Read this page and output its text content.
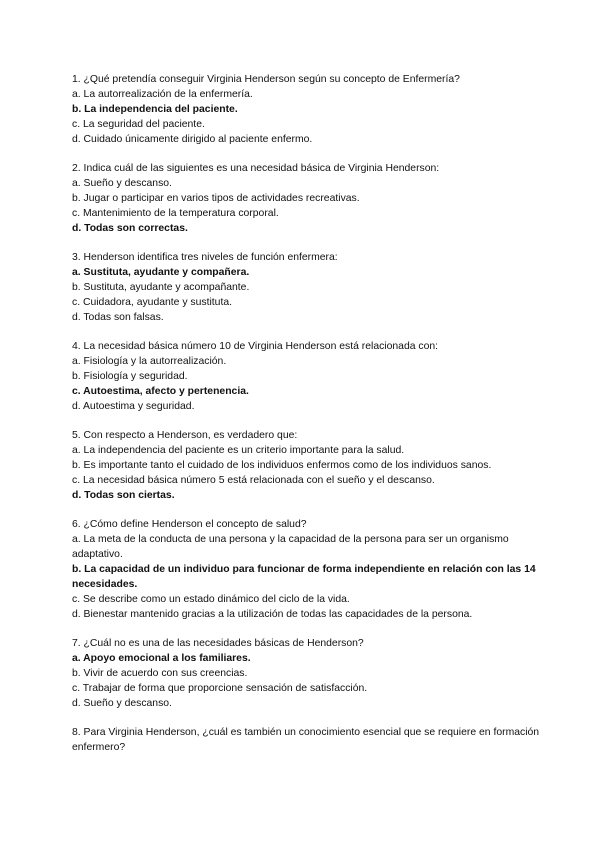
1. ¿Qué pretendía conseguir Virginia Henderson según su concepto de Enfermería?
a. La autorrealización de la enfermería.
b. La independencia del paciente.
c. La seguridad del paciente.
d. Cuidado únicamente dirigido al paciente enfermo.
2. Indica cuál de las siguientes es una necesidad básica de Virginia Henderson:
a. Sueño y descanso.
b. Jugar o participar en varios tipos de actividades recreativas.
c. Mantenimiento de la temperatura corporal.
d. Todas son correctas.
3. Henderson identifica tres niveles de función enfermera:
a. Sustituta, ayudante y compañera.
b. Sustituta, ayudante y acompañante.
c. Cuidadora, ayudante y sustituta.
d. Todas son falsas.
4. La necesidad básica número 10 de Virginia Henderson está relacionada con:
a. Fisiología y la autorrealización.
b. Fisiología y seguridad.
c. Autoestima, afecto y pertenencia.
d. Autoestima y seguridad.
5. Con respecto a Henderson, es verdadero que:
a. La independencia del paciente es un criterio importante para la salud.
b. Es importante tanto el cuidado de los individuos enfermos como de los individuos sanos.
c. La necesidad básica número 5 está relacionada con el sueño y el descanso.
d. Todas son ciertas.
6. ¿Cómo define Henderson el concepto de salud?
a. La meta de la conducta de una persona y la capacidad de la persona para ser un organismo adaptativo.
b. La capacidad de un individuo para funcionar de forma independiente en relación con las 14 necesidades.
c. Se describe como un estado dinámico del ciclo de la vida.
d. Bienestar mantenido gracias a la utilización de todas las capacidades de la persona.
7. ¿Cuál no es una de las necesidades básicas de Henderson?
a. Apoyo emocional a los familiares.
b. Vivir de acuerdo con sus creencias.
c. Trabajar de forma que proporcione sensación de satisfacción.
d. Sueño y descanso.
8. Para Virginia Henderson, ¿cuál es también un conocimiento esencial que se requiere en formación enfermero?
